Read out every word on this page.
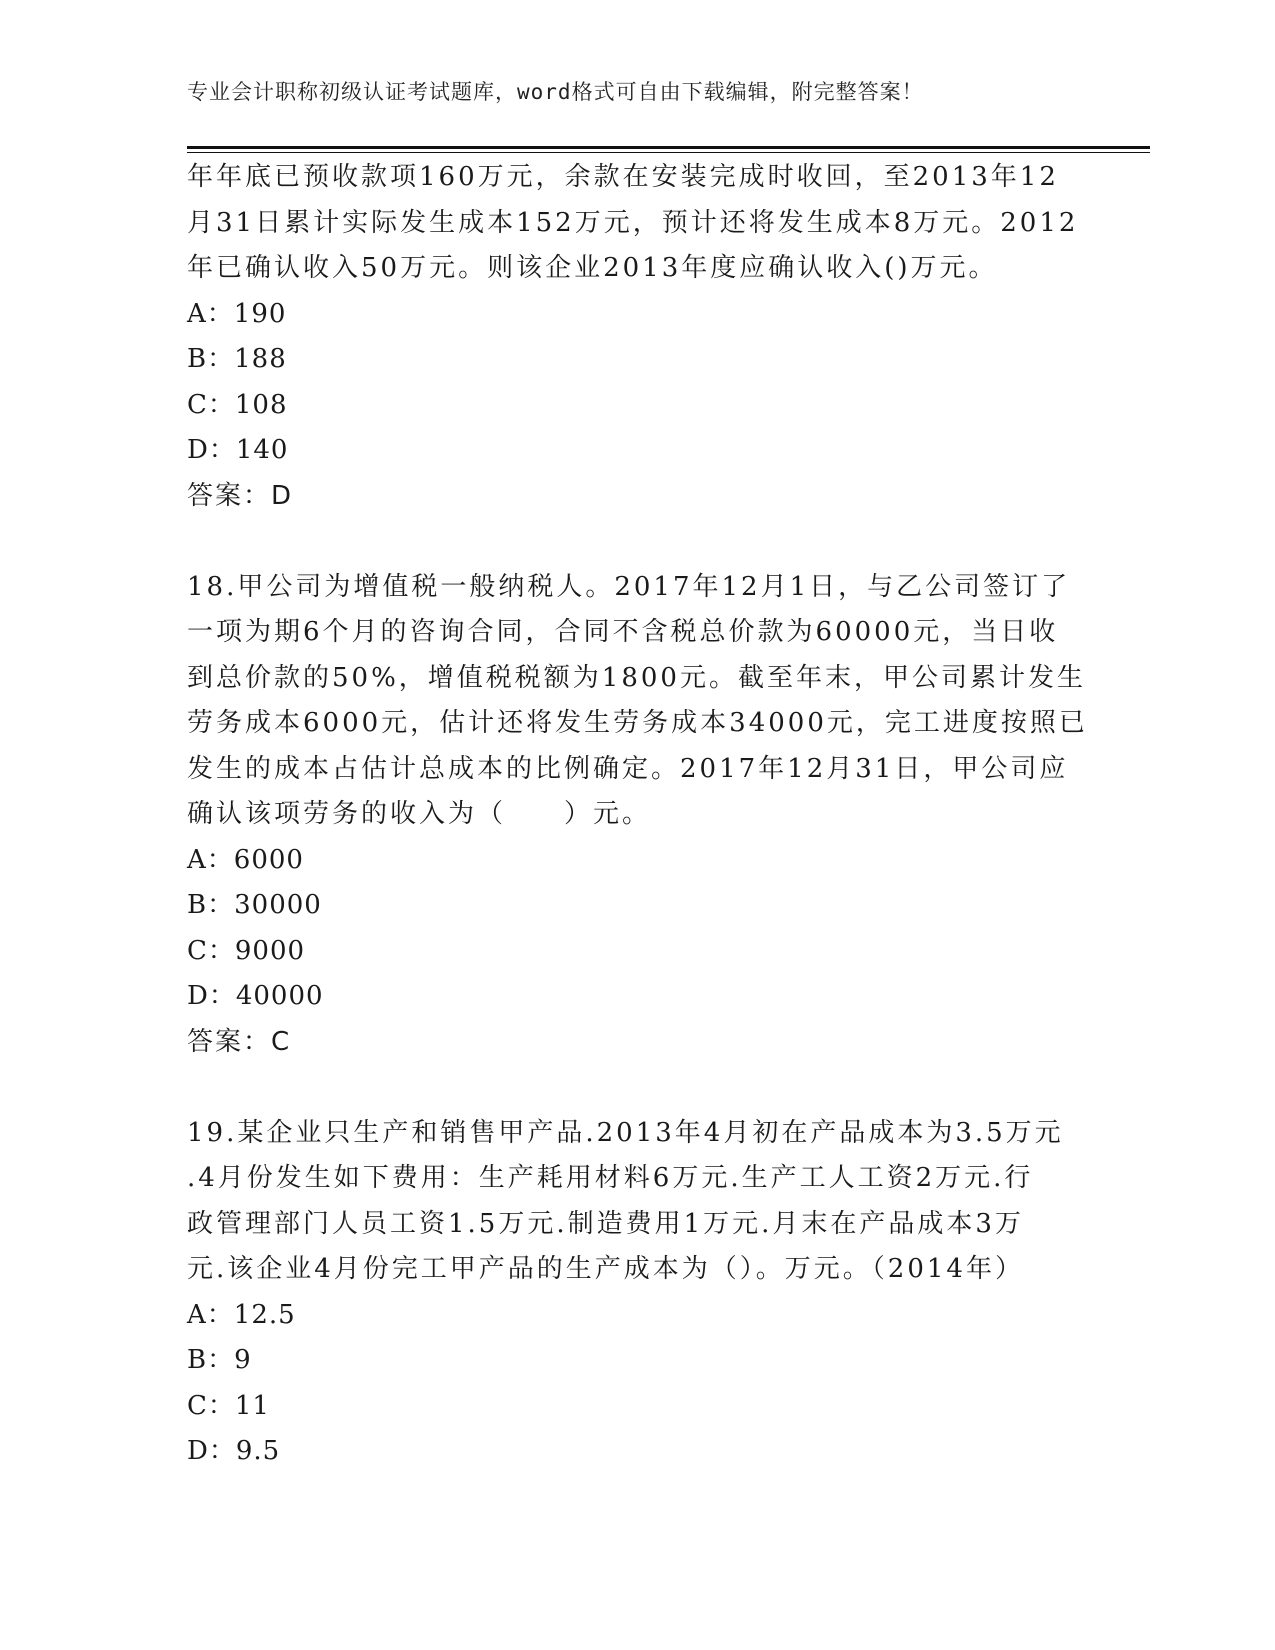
专业会计职称初级认证考试题库，word格式可自由下载编辑，附完整答案！

年年底已预收款项160万元，余款在安装完成时收回，至2013年12

月31日累计实际发生成本152万元，预计还将发生成本8万元。2012

年已确认收入50万元。则该企业2013年度应确认收入()万元。

A：190

B：188

C：108

D：140

答案：D

18.甲公司为增值税一般纳税人。2017年12月1日，与乙公司签订了

一项为期6个月的咨询合同，合同不含税总价款为60000元，当日收

到总价款的50%，增值税税额为1800元。截至年末，甲公司累计发生

劳务成本6000元，估计还将发生劳务成本34000元，完工进度按照已

发生的成本占估计总成本的比例确定。2017年12月31日，甲公司应

确认该项劳务的收入为（　　）元。

A：6000

B：30000

C：9000

D：40000

答案：C

19.某企业只生产和销售甲产品.2013年4月初在产品成本为3.5万元

.4月份发生如下费用：生产耗用材料6万元.生产工人工资2万元.行

政管理部门人员工资1.5万元.制造费用1万元.月末在产品成本3万

元.该企业4月份完工甲产品的生产成本为（）。万元。（2014年）

A：12.5

B：9

C：11

D：9.5
